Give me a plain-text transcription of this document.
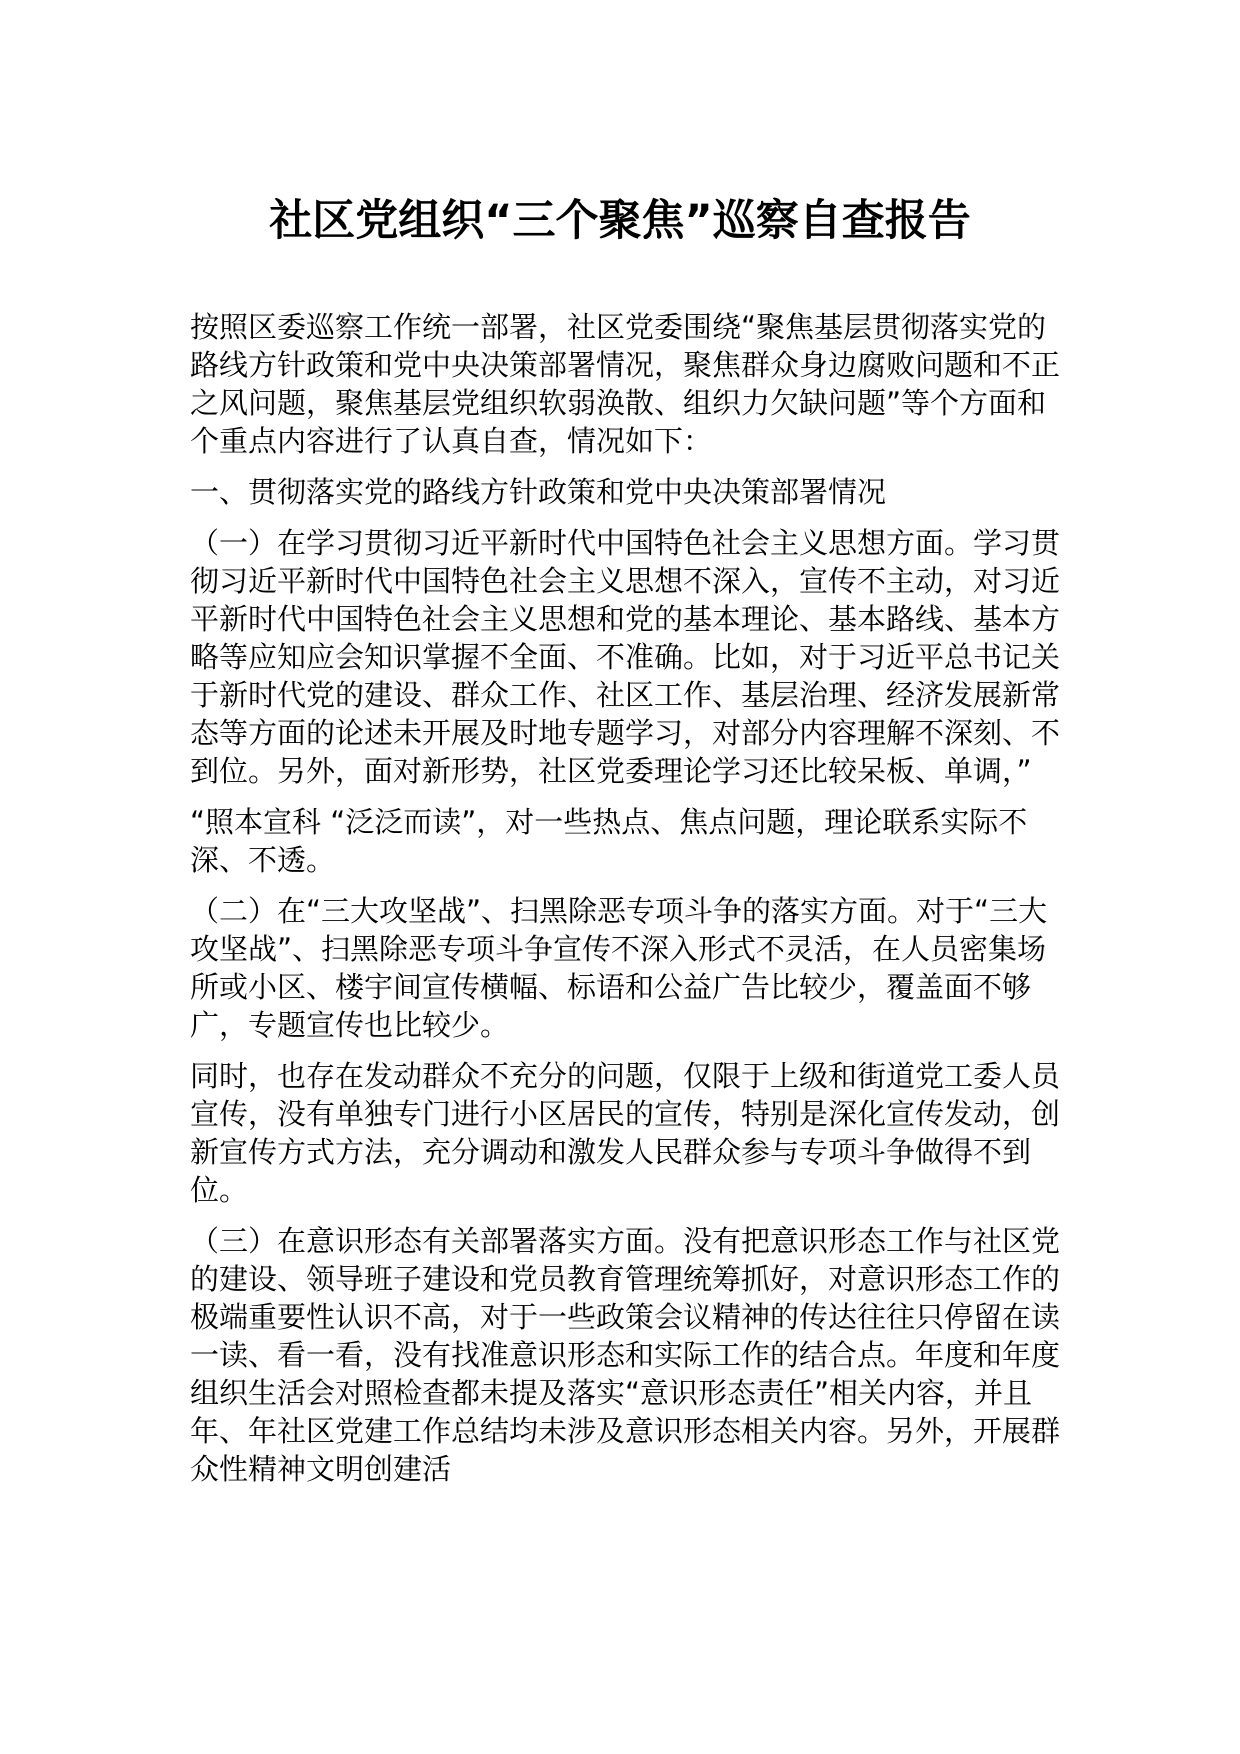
社区党组织“三个聚焦”巡察自查报告

按照区委巡察工作统一部署，社区党委围绕“聚焦基层贯彻落实党的路线方针政策和党中央决策部署情况，聚焦群众身边腐败问题和不正之风问题，聚焦基层党组织软弱涣散、组织力欠缺问题”等个方面和个重点内容进行了认真自查，情况如下：

一、贯彻落实党的路线方针政策和党中央决策部署情况

（一）在学习贯彻习近平新时代中国特色社会主义思想方面。学习贯彻习近平新时代中国特色社会主义思想不深入，宣传不主动，对习近平新时代中国特色社会主义思想和党的基本理论、基本路线、基本方略等应知应会知识掌握不全面、不准确。比如，对于习近平总书记关于新时代党的建设、群众工作、社区工作、基层治理、经济发展新常态等方面的论述未开展及时地专题学习，对部分内容理解不深刻、不到位。另外，面对新形势，社区党委理论学习还比较呆板、单调，”

“照本宣科 “泛泛而读”，对一些热点、焦点问题，理论联系实际不深、不透。

（二）在“三大攻坚战”、扫黑除恶专项斗争的落实方面。对于“三大攻坚战”、扫黑除恶专项斗争宣传不深入形式不灵活，在人员密集场所或小区、楼宇间宣传横幅、标语和公益广告比较少，覆盖面不够广，专题宣传也比较少。

同时，也存在发动群众不充分的问题，仅限于上级和街道党工委人员宣传，没有单独专门进行小区居民的宣传，特别是深化宣传发动，创新宣传方式方法，充分调动和激发人民群众参与专项斗争做得不到位。

（三）在意识形态有关部署落实方面。没有把意识形态工作与社区党的建设、领导班子建设和党员教育管理统筹抓好，对意识形态工作的极端重要性认识不高，对于一些政策会议精神的传达往往只停留在读一读、看一看，没有找准意识形态和实际工作的结合点。年度和年度组织生活会对照检查都未提及落实“意识形态责任”相关内容，并且年、年社区党建工作总结均未涉及意识形态相关内容。另外，开展群众性精神文明创建活
